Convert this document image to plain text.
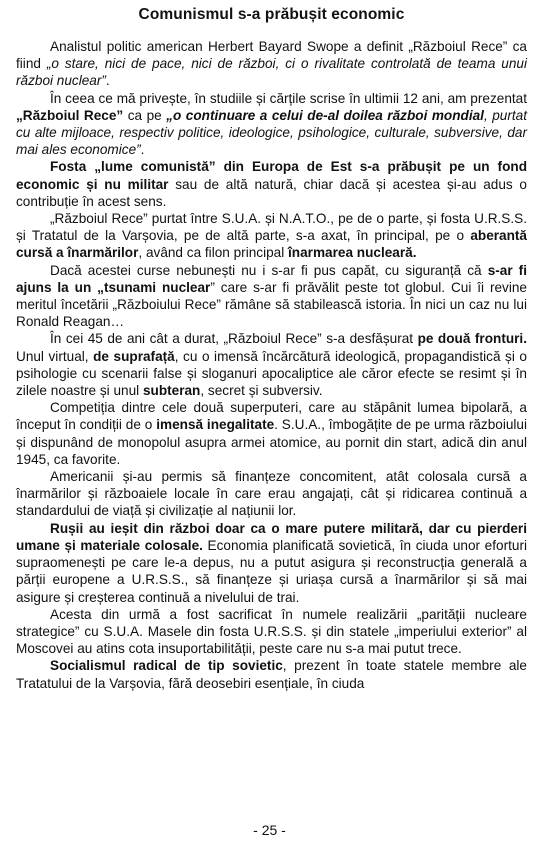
Comunismul s-a prăbușit economic

Analistul politic american Herbert Bayard Swope a definit „Războiul Rece” ca fiind „o stare, nici de pace, nici de război, ci o rivalitate controlată de teama unui război nuclear”.

În ceea ce mă privește, în studiile și cărțile scrise în ultimii 12 ani, am prezentat „Războiul Rece” ca pe „o continuare a celui de-al doilea război mondial, purtat cu alte mijloace, respectiv politice, ideologice, psihologice, culturale, subversive, dar mai ales economice”.

Fosta „lume comunistă” din Europa de Est s-a prăbușit pe un fond economic și nu militar sau de altă natură, chiar dacă și acestea și-au adus o contribuție în acest sens.

„Războiul Rece” purtat între S.U.A. și N.A.T.O., pe de o parte, și fosta U.R.S.S. și Tratatul de la Varșovia, pe de altă parte, s-a axat, în principal, pe o aberantă cursă a înarmărilor, având ca filon principal înarmarea nucleară.

Dacă acestei curse nebunești nu i s-ar fi pus capăt, cu siguranță că s-ar fi ajuns la un „tsunami nuclear” care s-ar fi prăvălit peste tot globul. Cui îi revine meritul încetării „Războiului Rece” rămâne să stabilească istoria. În nici un caz nu lui Ronald Reagan…

În cei 45 de ani cât a durat, „Războiul Rece” s-a desfășurat pe două fronturi. Unul virtual, de suprafață, cu o imensă încărcătură ideologică, propagandistică și o psihologie cu scenarii false și sloganuri apocaliptice ale căror efecte se resimt și în zilele noastre și unul subteran, secret și subversiv.

Competiția dintre cele două superputeri, care au stăpânit lumea bipolară, a început în condiții de o imensă inegalitate. S.U.A., îmbogățite de pe urma războiului și dispunând de monopolul asupra armei atomice, au pornit din start, adică din anul 1945, ca favorite.

Americanii și-au permis să finanțeze concomitent, atât colosala cursă a înarmărilor și războaiele locale în care erau angajați, cât și ridicarea continuă a standardului de viață și civilizație al națiunii lor.

Rușii au ieșit din război doar ca o mare putere militară, dar cu pierderi umane și materiale colosale. Economia planificată sovietică, în ciuda unor eforturi supraomenești pe care le-a depus, nu a putut asigura și reconstrucția generală a părții europene a U.R.S.S., să finanțeze și uriașa cursă a înarmărilor și să mai asigure și creșterea continuă a nivelului de trai.

Acesta din urmă a fost sacrificat în numele realizării „parității nucleare strategice” cu S.U.A. Masele din fosta U.R.S.S. și din statele „imperiului exterior” al Moscovei au atins cota insuportabilității, peste care nu s-a mai putut trece.

Socialismul radical de tip sovietic, prezent în toate statele membre ale Tratatului de la Varșovia, fără deosebiri esențiale, în ciuda

- 25 -
